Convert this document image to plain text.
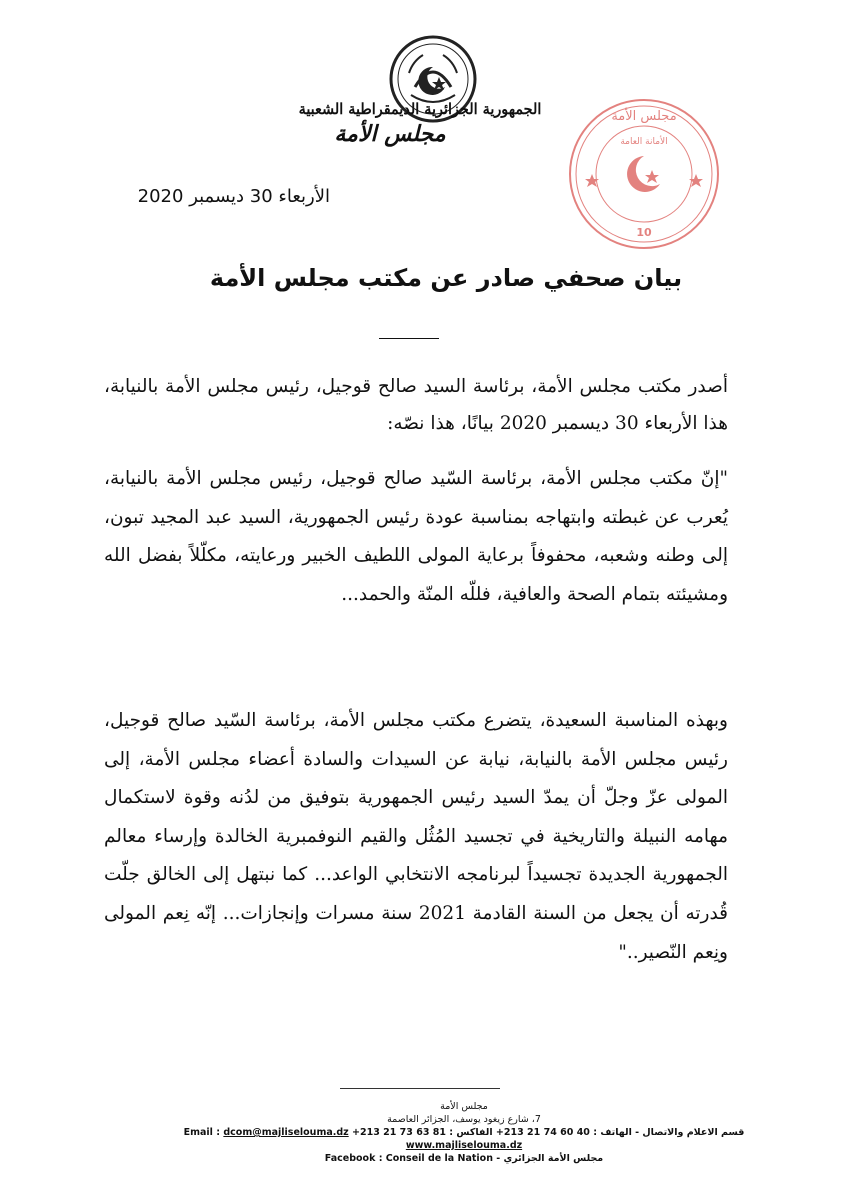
الجمهورية الجزائرية الديمقراطية الشعبية
مجلس الأمة
مجلس الأمة
الأمانة العامة
10
الأربعاء 30 ديسمبر 2020
بيان صحفي صادر عن مكتب مجلس الأمة
أصدر مكتب مجلس الأمة، برئاسة السيد صالح قوجيل، رئيس مجلس الأمة بالنيابة، هذا الأربعاء 30 ديسمبر 2020 بيانًا، هذا نصّه:
"إنّ مكتب مجلس الأمة، برئاسة السّيد صالح قوجيل، رئيس مجلس الأمة بالنيابة، يُعرب عن غبطته وابتهاجه بمناسبة عودة رئيس الجمهورية، السيد عبد المجيد تبون، إلى وطنه وشعبه، محفوفاً برعاية المولى اللطيف الخبير ورعايته، مكلّلاً بفضل الله ومشيئته بتمام الصحة والعافية، فللّه المنّة والحمد...
وبهذه المناسبة السعيدة، يتضرع مكتب مجلس الأمة، برئاسة السّيد صالح قوجيل، رئيس مجلس الأمة بالنيابة، نيابة عن السيدات والسادة أعضاء مجلس الأمة، إلى المولى عزّ وجلّ أن يمدّ السيد رئيس الجمهورية بتوفيق من لدُنه وقوة لاستكمال مهامه النبيلة والتاريخية في تجسيد المُثُل والقيم النوفمبرية الخالدة وإرساء معالم الجمهورية الجديدة تجسيداً لبرنامجه الانتخابي الواعد... كما نبتهل إلى الخالق جلّت قُدرته أن يجعل من السنة القادمة 2021 سنة مسرات وإنجازات... إنّه نِعم المولى ونِعم النّصير.."
مجلس الأمة
7، شارع زيغود يوسف، الجزائر العاصمة
Email : dcom@majliselouma.dz الفاكس : 81 63 73 21 213+ قسم الاعلام والاتصال - الهاتف : 40 60 74 21 213+
www.majliselouma.dz
Facebook : Conseil de la Nation - مجلس الأمة الجزائري
